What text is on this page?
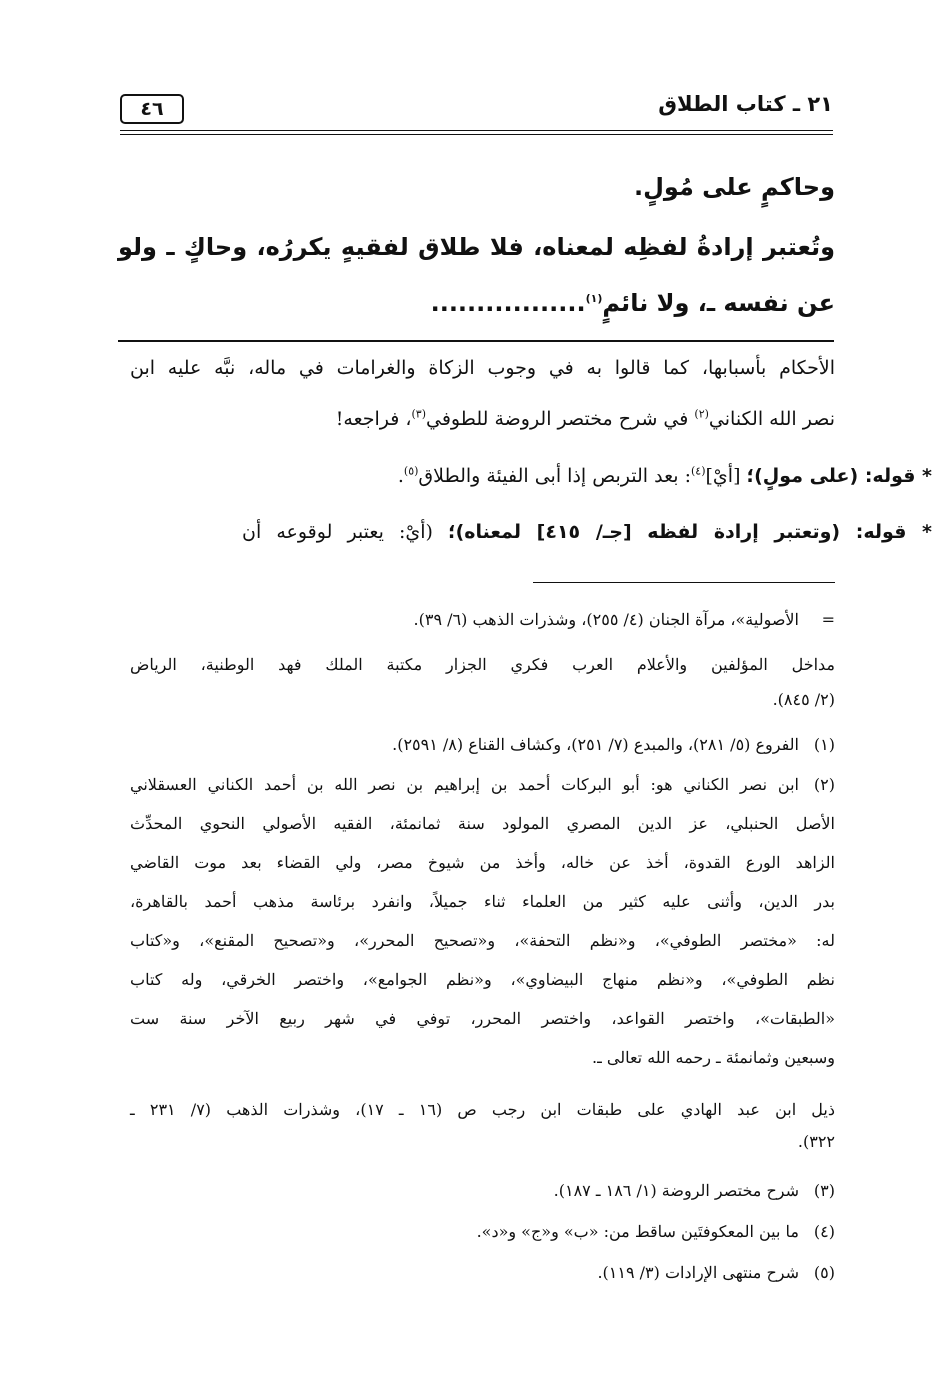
٢١ ـ كتاب الطلاق
٤٦
وحاكمٍ على مُولٍ.
وتُعتبر إرادةُ لفظِه لمعناه، فلا طلاق لفقيهٍ يكررُه، وحاكٍ ـ ولو
عن نفسه ـ، ولا نائمٍ$^{(١)}$.................
الأحكام بأسبابها، كما قالوا به في وجوب الزكاة والغرامات في ماله، نبَّه عليه ابن
نصر الله الكناني$^{(٢)}$ في شرح مختصر الروضة للطوفي$^{(٣)}$، فراجعه!
* قوله: (على مولٍ)؛ [أيْ]$^{(٤)}$: بعد التربص إذا أبى الفيئة والطلاق$^{(٥)}$.
* قوله: (وتعتبر إرادة لفظه [جـ/ ٤١٥] لمعناه)؛ (أيْ: يعتبر لوقوعه أن
=
الأصولية»، مرآة الجنان (٤/ ٢٥٥)، وشذرات الذهب (٦/ ٣٩).
مداخل المؤلفين والأعلام العرب فكري الجزار مكتبة الملك فهد الوطنية، الرياض
(٢/ ٨٤٥).
(١)
الفروع (٥/ ٢٨١)، والمبدع (٧/ ٢٥١)، وكشاف القناع (٨/ ٢٥٩١).
(٢)
ابن نصر الكناني هو: أبو البركات أحمد بن إبراهيم بن نصر الله بن أحمد الكناني العسقلاني
الأصل الحنبلي، عز الدين المصري المولود سنة ثمانمئة، الفقيه الأصولي النحوي المحدِّث
الزاهد الورع القدوة، أخذ عن خاله، وأخذ من شيوخ مصر، ولي القضاء بعد موت القاضي
بدر الدين، وأثنى عليه كثير من العلماء ثناء جميلاً، وانفرد برئاسة مذهب أحمد بالقاهرة،
له: «مختصر الطوفي»، و«نظم التحفة»، و«تصحيح المحرر»، و«تصحيح المقنع»، و«كتاب
نظم الطوفي»، و«نظم منهاج البيضاوي»، و«نظم الجوامع»، واختصر الخرقي، وله كتاب
«الطبقات»، واختصر القواعد، واختصر المحرر، توفي في شهر ربيع الآخر سنة ست
وسبعين وثمانمئة ـ رحمه الله تعالى ـ.
ذيل ابن عبد الهادي على طبقات ابن رجب ص (١٦ ـ ١٧)، وشذرات الذهب (٧/ ٢٣١ ـ
٣٢٢).
(٣)
شرح مختصر الروضة (١/ ١٨٦ ـ ١٨٧).
(٤)
ما بين المعكوفتَين ساقط من: «ب» و«ج» و«د».
(٥)
شرح منتهى الإرادات (٣/ ١١٩).
